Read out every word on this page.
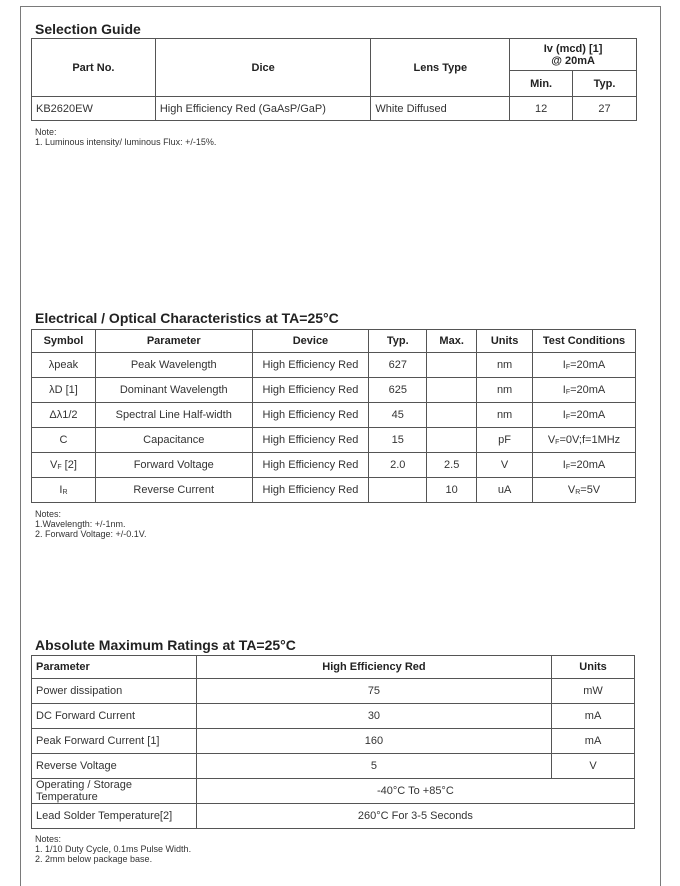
Selection Guide
Part No.	Dice	Lens Type	Iv (mcd) [1]
@ 20mA	

			Min.	Typ.
KB2620EW	High Efficiency Red (GaAsP/GaP)	White Diffused	12	27
Note:
1. Luminous intensity/ luminous Flux: +/-15%.
Electrical / Optical Characteristics at TA=25°C
Symbol	Parameter	Device	Typ.	Max.	Units	Test Conditions
λpeak	Peak Wavelength	High Efficiency Red	627		nm	$I_F=20mA$
λD [1]	Dominant Wavelength	High Efficiency Red	625		nm	$I_F=20mA$
Δλ1/2	Spectral Line Half-width	High Efficiency Red	45		nm	$I_F=20mA$
C	Capacitance	High Efficiency Red	15		pF	$V_F=0V;f=1MHz$
$V_F$ [2]	Forward Voltage	High Efficiency Red	2.0	2.5	V	$I_F=20mA$
$I_R$	Reverse Current	High Efficiency Red		10	uA	$V_R=5V$
Notes:
1.Wavelength: +/-1nm.
2. Forward Voltage: +/-0.1V.
Absolute Maximum Ratings at TA=25°C
Parameter	High Efficiency Red	Units
Power dissipation	75	mW
DC Forward Current	30	mA
Peak Forward Current [1]	160	mA
Reverse Voltage	5	V
Operating / Storage Temperature	-40°C To +85°C	
Lead Solder Temperature[2]	260°C For 3-5 Seconds	
Notes:
1. 1/10 Duty Cycle, 0.1ms Pulse Width.
2. 2mm below package base.
